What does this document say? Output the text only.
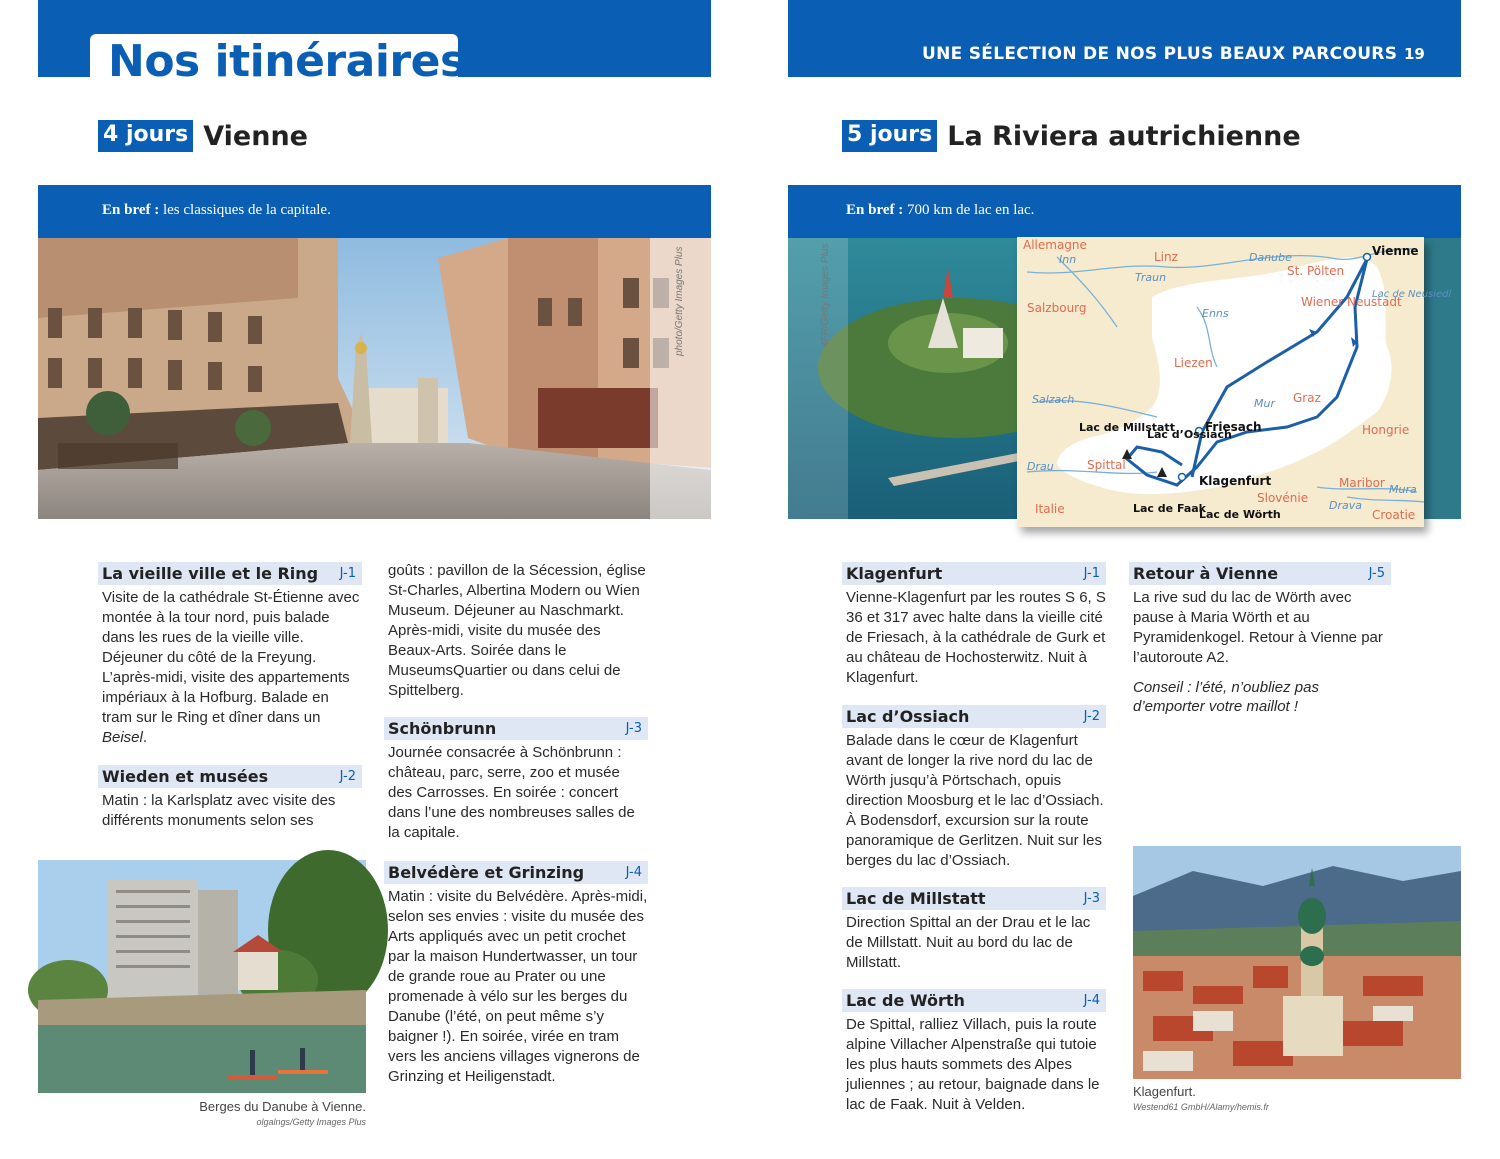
Nos itinéraires	UNE SÉLECTION DE NOS PLUS BEAUX PARCOURS 19
4 jours Vienne	5 jours La Riviera autrichienne
En bref : les classiques de la capitale.	En bref : 700 km de lac en lac.
photo/Getty Images Plus	4FR/Getty Images Plus	Allemagne
Inn	Linz	Danube
Traun
Vienne
St. Pölten
Lac de Neusiedl
Salzbourg	Enns
Wiener Neustadt
Liezen
Salzach	Mur Graz
Lac de Millstatt
Lac d’Ossiach
Friesach	Hongrie
Spittal
Drau
Klagenfurt	Maribor Mura
Italie	Lac de Faak
Slovénie
Lac de Wörth
Drava
Croatie
La vieille ville et le Ring J-1
Visite de la cathédrale St-Étienne avec montée à la tour nord, puis balade dans les rues de la vieille ville. Déjeuner du côté de la Freyung. L’après-midi, visite des appartements impériaux à la Hofburg. Balade en tram sur le Ring et dîner dans un Beisel.
Wieden et musées	J-2
Matin : la Karlsplatz avec visite des différents monuments selon ses
goûts : pavillon de la Sécession, église St-Charles, Albertina Modern ou Wien Museum. Déjeuner au Naschmarkt. Après-midi, visite du musée des Beaux-Arts. Soirée dans le MuseumsQuartier ou dans celui de Spittelberg.
Schönbrunn	J-3
Journée consacrée à Schönbrunn : château, parc, serre, zoo et musée des Carrosses. En soirée : concert dans l’une des nombreuses salles de la capitale.
Belvédère et Grinzing	J-4
Matin : visite du Belvédère. Après-midi, selon ses envies : visite du musée des Arts appliqués avec un petit crochet par la maison Hundertwasser, un tour de grande roue au Prater ou une promenade à vélo sur les berges du Danube (l’été, on peut même s’y baigner !). En soirée, virée en tram vers les anciens villages vignerons de Grinzing et Heiligenstadt.
Berges du Danube à Vienne.
olgalngs/Getty Images Plus
Klagenfurt	J-1
Vienne-Klagenfurt par les routes S 6, S 36 et 317 avec halte dans la vieille cité de Friesach, à la cathédrale de Gurk et au château de Hochosterwitz. Nuit à Klagenfurt.
Lac d’Ossiach	J-2
Balade dans le cœur de Klagenfurt avant de longer la rive nord du lac de Wörth jusqu’à Pörtschach, opuis direction Moosburg et le lac d’Ossiach. À Bodensdorf, excursion sur la route panoramique de Gerlitzen. Nuit sur les berges du lac d’Ossiach.
Lac de Millstatt	J-3
Direction Spittal an der Drau et le lac de Millstatt. Nuit au bord du lac de Millstatt.
Lac de Wörth	J-4
De Spittal, ralliez Villach, puis la route alpine Villacher Alpenstraße qui tutoie les plus hauts sommets des Alpes juliennes ; au retour, baignade dans le lac de Faak. Nuit à Velden.
Retour à Vienne	J-5
La rive sud du lac de Wörth avec pause à Maria Wörth et au Pyramidenkogel. Retour à Vienne par l’autoroute A2.
Conseil : l’été, n’oubliez pas d’emporter votre maillot !
Klagenfurt.
Westend61 GmbH/Alamy/hemis.fr
